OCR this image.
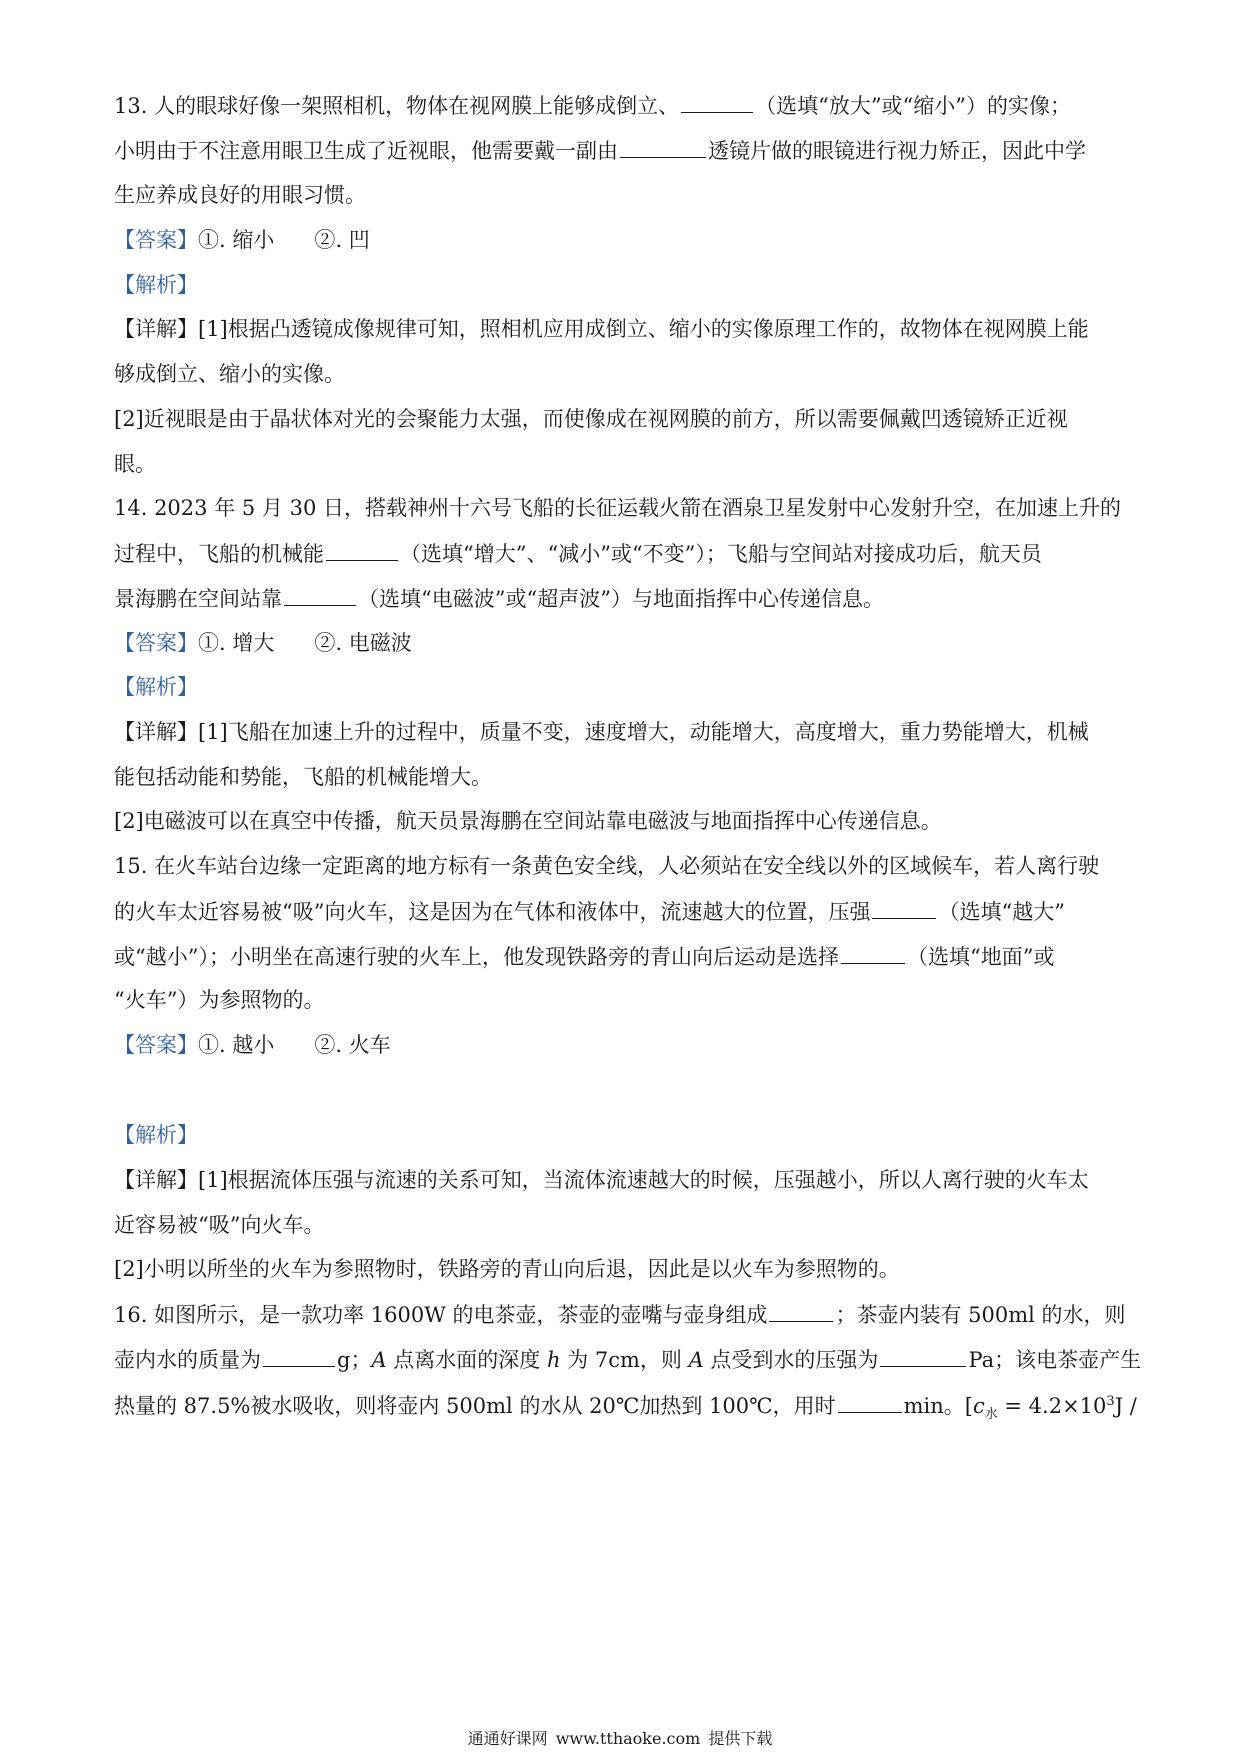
13. 人的眼球好像一架照相机，物体在视网膜上能够成倒立、	（选填“放大”或“缩小”）的实像；
小明由于不注意用眼卫生成了近视眼，他需要戴一副由	透镜片做的眼镜进行视力矫正，因此中学
生应养成良好的用眼习惯。
【答案】①. 缩小 ②. 凹
【解析】
【详解】[1]根据凸透镜成像规律可知，照相机应用成倒立、缩小的实像原理工作的，故物体在视网膜上能
够成倒立、缩小的实像。
[2]近视眼是由于晶状体对光的会聚能力太强，而使像成在视网膜的前方，所以需要佩戴凹透镜矫正近视
眼。
14. 2023 年 5 月 30 日，搭载神州十六号飞船的长征运载火箭在酒泉卫星发射中心发射升空，在加速上升的
过程中，飞船的机械能	（选填“增大”、“减小”或“不变”）；飞船与空间站对接成功后，航天员
景海鹏在空间站靠	（选填“电磁波”或“超声波”）与地面指挥中心传递信息。
【答案】①. 增大 ②. 电磁波
【解析】
【详解】[1]飞船在加速上升的过程中，质量不变，速度增大，动能增大，高度增大，重力势能增大，机械
能包括动能和势能，飞船的机械能增大。
[2]电磁波可以在真空中传播，航天员景海鹏在空间站靠电磁波与地面指挥中心传递信息。
15. 在火车站台边缘一定距离的地方标有一条黄色安全线，人必须站在安全线以外的区域候车，若人离行驶
的火车太近容易被“吸”向火车，这是因为在气体和液体中，流速越大的位置，压强	（选填“越大”
或“越小”）；小明坐在高速行驶的火车上，他发现铁路旁的青山向后运动是选择	（选填“地面”或
“火车”）为参照物的。
【答案】①. 越小 ②. 火车
【解析】
【详解】[1]根据流体压强与流速的关系可知，当流体流速越大的时候，压强越小，所以人离行驶的火车太
近容易被“吸”向火车。
[2]小明以所坐的火车为参照物时，铁路旁的青山向后退，因此是以火车为参照物的。
16. 如图所示，是一款功率 1600W 的电茶壶，茶壶的壶嘴与壶身组成	；茶壶内装有 500ml 的水，则
壶内水的质量为	g；A 点离水面的深度 h 为 7cm，则 A 点受到水的压强为	Pa；该电茶壶产生
热量的 87.5%被水吸收，则将壶内 500ml 的水从 20℃加热到 100℃，用时	min。[$c_水 = 4.2\times 10^3J$ /
通通好课网 www.tthaoke.com 提供下载
